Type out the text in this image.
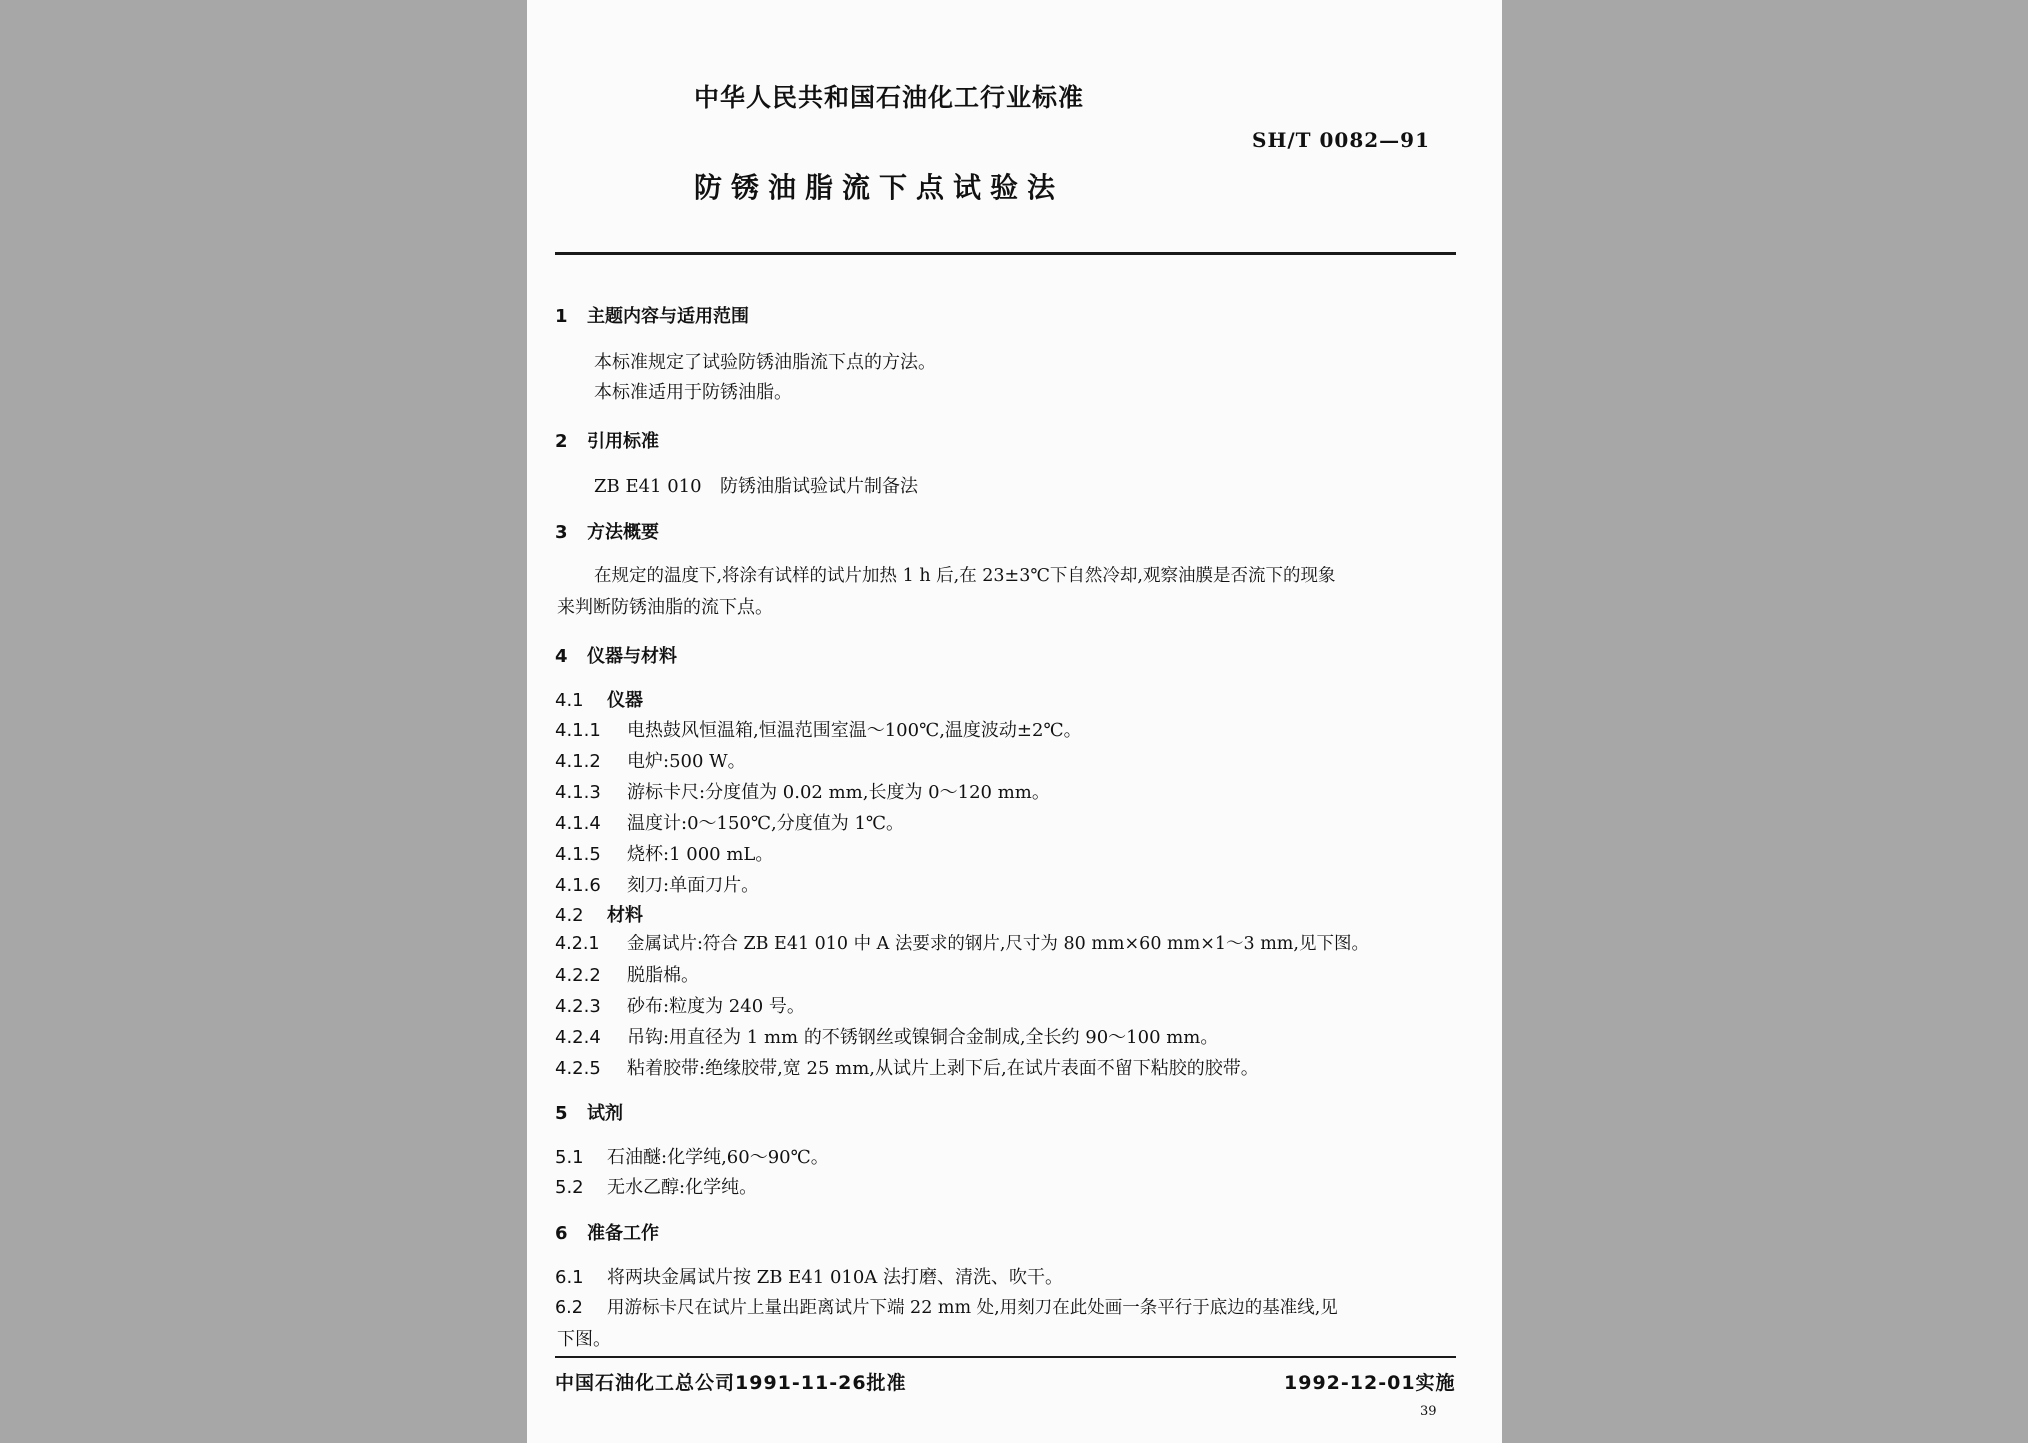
中华人民共和国石油化工行业标准
SH/T 0082—91
防锈油脂流下点试验法
1 主题内容与适用范围
本标准规定了试验防锈油脂流下点的方法。
本标准适用于防锈油脂。
2 引用标准
ZB E41 010 防锈油脂试验试片制备法
3 方法概要
在规定的温度下,将涂有试样的试片加热 1 h 后,在 23±3℃下自然冷却,观察油膜是否流下的现象
来判断防锈油脂的流下点。
4 仪器与材料
4.1 仪器
4.1.1 电热鼓风恒温箱,恒温范围室温～100℃,温度波动±2℃。
4.1.2 电炉:500 W。
4.1.3 游标卡尺:分度值为 0.02 mm,长度为 0～120 mm。
4.1.4 温度计:0～150℃,分度值为 1℃。
4.1.5 烧杯:1 000 mL。
4.1.6 刻刀:单面刀片。
4.2 材料
4.2.1 金属试片:符合 ZB E41 010 中 A 法要求的钢片,尺寸为 80 mm×60 mm×1～3 mm,见下图。
4.2.2 脱脂棉。
4.2.3 砂布:粒度为 240 号。
4.2.4 吊钩:用直径为 1 mm 的不锈钢丝或镍铜合金制成,全长约 90～100 mm。
4.2.5 粘着胶带:绝缘胶带,宽 25 mm,从试片上剥下后,在试片表面不留下粘胶的胶带。
5 试剂
5.1 石油醚:化学纯,60～90℃。
5.2 无水乙醇:化学纯。
6 准备工作
6.1 将两块金属试片按 ZB E41 010A 法打磨、清洗、吹干。
6.2 用游标卡尺在试片上量出距离试片下端 22 mm 处,用刻刀在此处画一条平行于底边的基准线,见
下图。
中国石油化工总公司1991-11-26批准	1992-12-01实施
39
